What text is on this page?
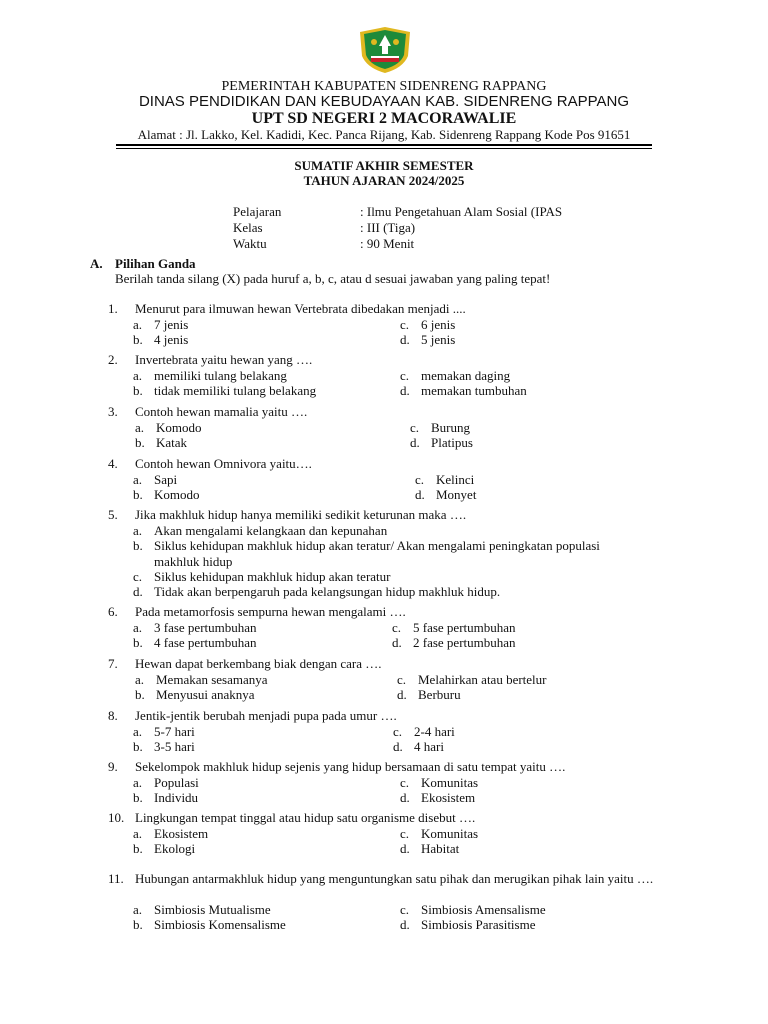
PEMERINTAH KABUPATEN SIDENRENG RAPPANG
DINAS PENDIDIKAN DAN KEBUDAYAAN KAB. SIDENRENG RAPPANG
UPT SD NEGERI 2 MACORAWALIE
Alamat : Jl. Lakko, Kel. Kadidi, Kec. Panca Rijang, Kab. Sidenreng Rappang Kode Pos 91651
SUMATIF AKHIR SEMESTER
TAHUN AJARAN 2024/2025
Pelajaran	: Ilmu Pengetahuan Alam Sosial (IPAS
Kelas	: III (Tiga)
Waktu	: 90 Menit
A. Pilihan Ganda
Berilah tanda silang (X) pada huruf a, b, c, atau d sesuai jawaban yang paling tepat!
1. Menurut para ilmuwan hewan Vertebrata dibedakan menjadi ....
a. 7 jenis
b. 4 jenis
c. 6 jenis
d. 5 jenis
2. Invertebrata yaitu hewan yang ….
a. memiliki tulang belakang
b. tidak memiliki tulang belakang
c. memakan daging
d. memakan tumbuhan
3. Contoh hewan mamalia yaitu ….
a. Komodo
b. Katak
c. Burung
d. Platipus
4. Contoh hewan Omnivora yaitu….
a. Sapi
b. Komodo
c. Kelinci
d. Monyet
5. Jika makhluk hidup hanya memiliki sedikit keturunan maka ….
a. Akan mengalami kelangkaan dan kepunahan
b. Siklus kehidupan makhluk hidup akan teratur/ Akan mengalami peningkatan populasi makhluk hidup
c. Siklus kehidupan makhluk hidup akan teratur
d. Tidak akan berpengaruh pada kelangsungan hidup makhluk hidup.
6. Pada metamorfosis sempurna hewan mengalami ….
a. 3 fase pertumbuhan
b. 4 fase pertumbuhan
c. 5 fase pertumbuhan
d. 2 fase pertumbuhan
7. Hewan dapat berkembang biak dengan cara ….
a. Memakan sesamanya
b. Menyusui anaknya
c. Melahirkan atau bertelur
d. Berburu
8. Jentik-jentik berubah menjadi pupa pada umur ….
a. 5-7 hari
b. 3-5 hari
c. 2-4 hari
d. 4 hari
9. Sekelompok makhluk hidup sejenis yang hidup bersamaan di satu tempat yaitu ….
a. Populasi
b. Individu
c. Komunitas
d. Ekosistem
10. Lingkungan tempat tinggal atau hidup satu organisme disebut ….
a. Ekosistem
b. Ekologi
c. Komunitas
d. Habitat
11. Hubungan antarmakhluk hidup yang menguntungkan satu pihak dan merugikan pihak lain yaitu ….
a. Simbiosis Mutualisme
b. Simbiosis Komensalisme
c. Simbiosis Amensalisme
d. Simbiosis Parasitisme
